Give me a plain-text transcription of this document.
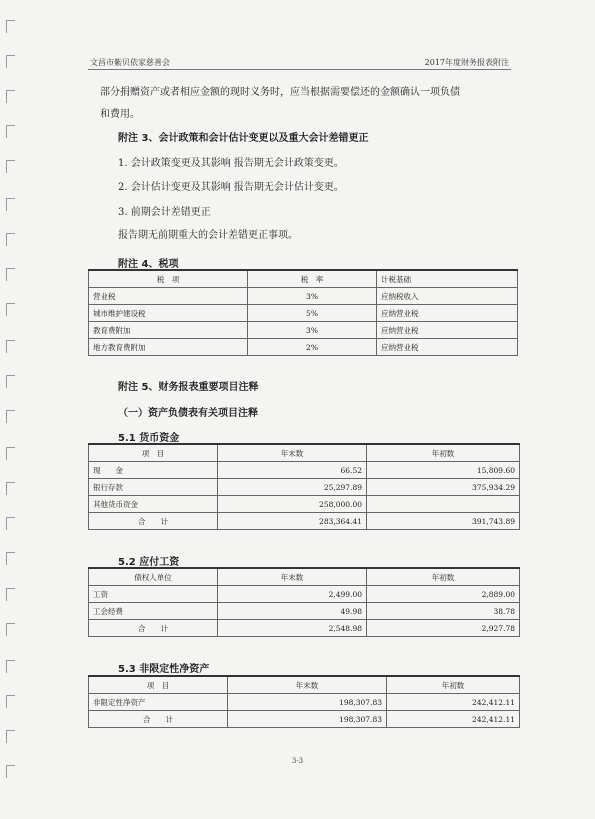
文昌市紫贝依家慈善会	2017年度财务报表附注
部分捐赠资产或者相应金额的现时义务时，应当根据需要偿还的金额确认一项负债
和费用。
附注 3、会计政策和会计估计变更以及重大会计差错更正
1. 会计政策变更及其影响 报告期无会计政策变更。
2. 会计估计变更及其影响 报告期无会计估计变更。
3. 前期会计差错更正
报告期无前期重大的会计差错更正事项。
附注 4、税项
税　项	税　率	计税基础
营业税	3%	应纳税收入
城市维护建设税	5%	应纳营业税
教育费附加	3%	应纳营业税
地方教育费附加	2%	应纳营业税
附注 5、财务报表重要项目注释
（一）资产负债表有关项目注释
5.1 货币资金
项　目	年末数	年初数
现　　金	66.52	15,809.60
银行存款	25,297.89	375,934.29
其他货币资金	258,000.00	
合　　计	283,364.41	391,743.89
5.2 应付工资
债权人单位	年末数	年初数
工资	2,499.00	2,889.00
工会经费	49.98	38.78
合　　计	2,548.98	2,927.78
5.3 非限定性净资产
项　目	年末数	年初数
非限定性净资产	198,307.83	242,412.11
合　　计	198,307.83	242,412.11
3-3
